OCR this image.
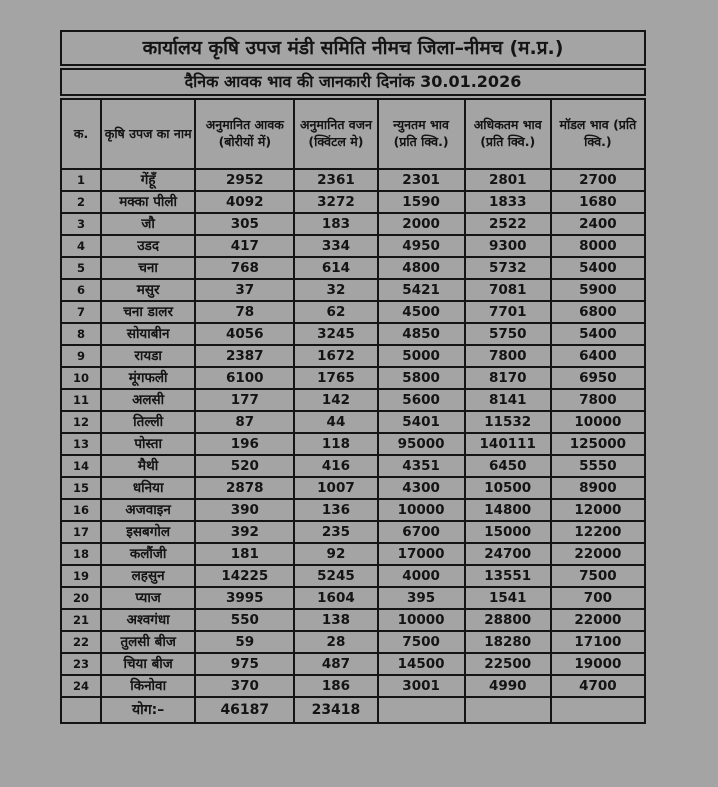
कार्यालय कृषि उपज मंडी समिति नीमच जिला–नीमच (म.प्र.)
दैनिक आवक भाव की जानकारी दिनांक 30.01.2026
क.	कृषि उपज का नाम	अनुमानित आवक (बोरीयों में)	अनुमानित वजन (क्विंटल मे)	न्युनतम भाव (प्रति क्वि.)	अधिकतम भाव (प्रति क्वि.)	मॉडल भाव (प्रति क्वि.)
1	गेंहूँ	2952	2361	2301	2801	2700
2	मक्का पीली	4092	3272	1590	1833	1680
3	जौ	305	183	2000	2522	2400
4	उडद	417	334	4950	9300	8000
5	चना	768	614	4800	5732	5400
6	मसुर	37	32	5421	7081	5900
7	चना डालर	78	62	4500	7701	6800
8	सोयाबीन	4056	3245	4850	5750	5400
9	रायडा	2387	1672	5000	7800	6400
10	मूंगफली	6100	1765	5800	8170	6950
11	अलसी	177	142	5600	8141	7800
12	तिल्ली	87	44	5401	11532	10000
13	पोस्ता	196	118	95000	140111	125000
14	मैथी	520	416	4351	6450	5550
15	धनिया	2878	1007	4300	10500	8900
16	अजवाइन	390	136	10000	14800	12000
17	इसबगोल	392	235	6700	15000	12200
18	कलौंजी	181	92	17000	24700	22000
19	लहसुन	14225	5245	4000	13551	7500
20	प्याज	3995	1604	395	1541	700
21	अश्वगंधा	550	138	10000	28800	22000
22	तुलसी बीज	59	28	7500	18280	17100
23	चिया बीज	975	487	14500	22500	19000
24	किनोवा	370	186	3001	4990	4700
	योग:–	46187	23418			
